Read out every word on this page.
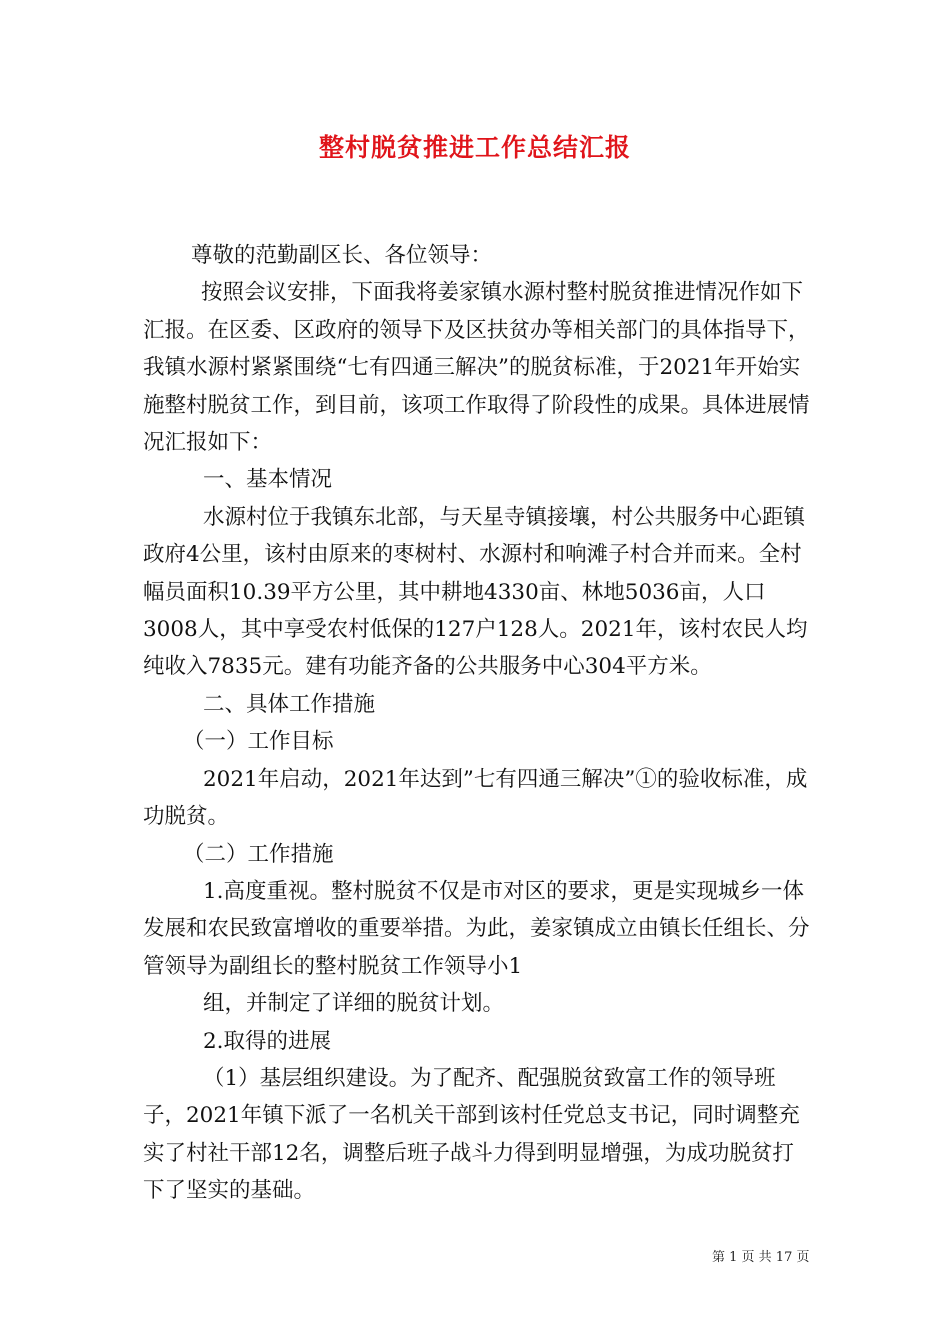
整村脱贫推进工作总结汇报

尊敬的范勤副区长、各位领导：

按照会议安排，下面我将姜家镇水源村整村脱贫推进情况作如下汇报。在区委、区政府的领导下及区扶贫办等相关部门的具体指导下，我镇水源村紧紧围绕“七有四通三解决”的脱贫标准，于2021年开始实施整村脱贫工作，到目前，该项工作取得了阶段性的成果。具体进展情况汇报如下：

一、基本情况

水源村位于我镇东北部，与天星寺镇接壤，村公共服务中心距镇政府4公里，该村由原来的枣树村、水源村和响滩子村合并而来。全村幅员面积10.39平方公里，其中耕地4330亩、林地5036亩，人口3008人，其中享受农村低保的127户128人。2021年，该村农民人均纯收入7835元。建有功能齐备的公共服务中心304平方米。

二、具体工作措施

（一）工作目标

2021年启动，2021年达到”七有四通三解决”①的验收标准，成功脱贫。

（二）工作措施

1.高度重视。整村脱贫不仅是市对区的要求，更是实现城乡一体发展和农民致富增收的重要举措。为此，姜家镇成立由镇长任组长、分管领导为副组长的整村脱贫工作领导小1

组，并制定了详细的脱贫计划。

2.取得的进展

（1）基层组织建设。为了配齐、配强脱贫致富工作的领导班子，2021年镇下派了一名机关干部到该村任党总支书记，同时调整充实了村社干部12名，调整后班子战斗力得到明显增强，为成功脱贫打下了坚实的基础。

第 1 页 共 17 页
